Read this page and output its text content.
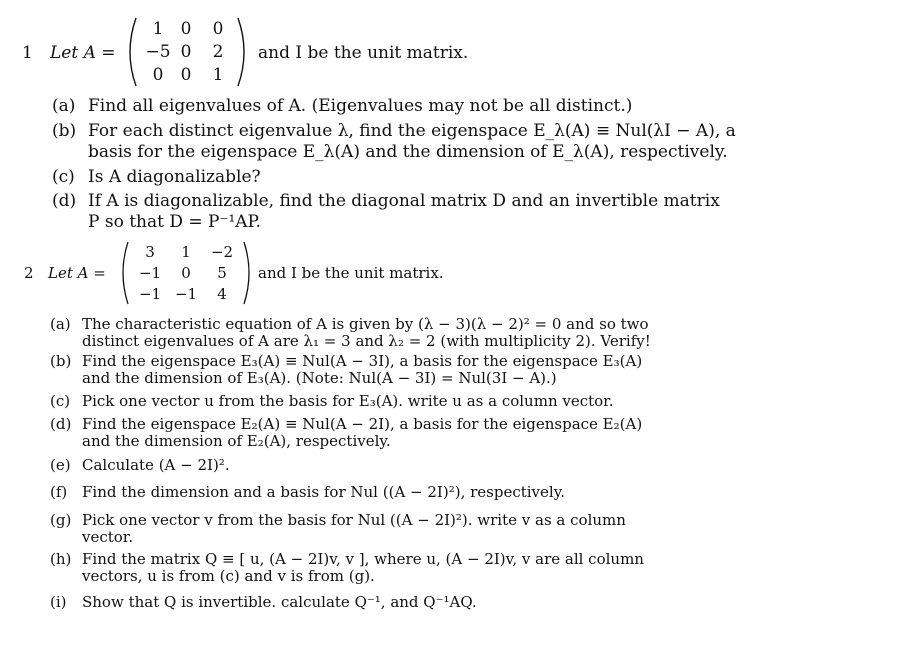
1 Let A =
1	0	0
−5 0	2
0	0	1
and I be the unit matrix.
(a) Find all eigenvalues of A. (Eigenvalues may not be all distinct.)
(b) For each distinct eigenvalue λ, find the eigenspace E_λ(A) ≡ Nul(λI − A), a
basis for the eigenspace E_λ(A) and the dimension of E_λ(A), respectively.
(c) Is A diagonalizable?
(d) If A is diagonalizable, find the diagonal matrix D and an invertible matrix
P so that D = P⁻¹AP.
2 Let A =
3	1	−2
−1	0	5
−1 −1	4
and I be the unit matrix.
(a) The characteristic equation of A is given by (λ − 3)(λ − 2)² = 0 and so two
distinct eigenvalues of A are λ₁ = 3 and λ₂ = 2 (with multiplicity 2). Verify!
(b) Find the eigenspace E₃(A) ≡ Nul(A − 3I), a basis for the eigenspace E₃(A)
and the dimension of E₃(A). (Note: Nul(A − 3I) = Nul(3I − A).)
(c) Pick one vector u from the basis for E₃(A). write u as a column vector.
(d) Find the eigenspace E₂(A) ≡ Nul(A − 2I), a basis for the eigenspace E₂(A)
and the dimension of E₂(A), respectively.
(e) Calculate (A − 2I)².
(f) Find the dimension and a basis for Nul ((A − 2I)²), respectively.
(g) Pick one vector v from the basis for Nul ((A − 2I)²). write v as a column
vector.
(h) Find the matrix Q ≡ [ u, (A − 2I)v, v ], where u, (A − 2I)v, v are all column
vectors, u is from (c) and v is from (g).
(i) Show that Q is invertible. calculate Q⁻¹, and Q⁻¹AQ.
